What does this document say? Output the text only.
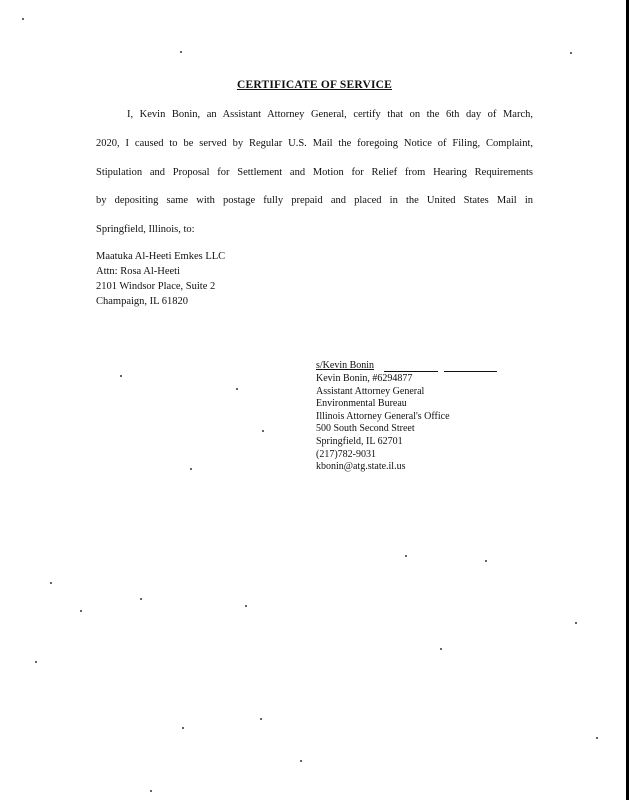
CERTIFICATE OF SERVICE

I, Kevin Bonin, an Assistant Attorney General, certify that on the 6th day of March,

2020, I caused to be served by Regular U.S. Mail the foregoing Notice of Filing, Complaint,

Stipulation and Proposal for Settlement and Motion for Relief from Hearing Requirements

by depositing same with postage fully prepaid and placed in the United States Mail in

Springfield, Illinois, to:

Maatuka Al-Heeti Emkes LLC
Attn: Rosa Al-Heeti
2101 Windsor Place, Suite 2
Champaign, IL 61820
s/Kevin Bonin
Kevin Bonin, #6294877
Assistant Attorney General
Environmental Bureau
Illinois Attorney General's Office
500 South Second Street
Springfield, IL 62701
(217)782-9031
kbonin@atg.state.il.us
